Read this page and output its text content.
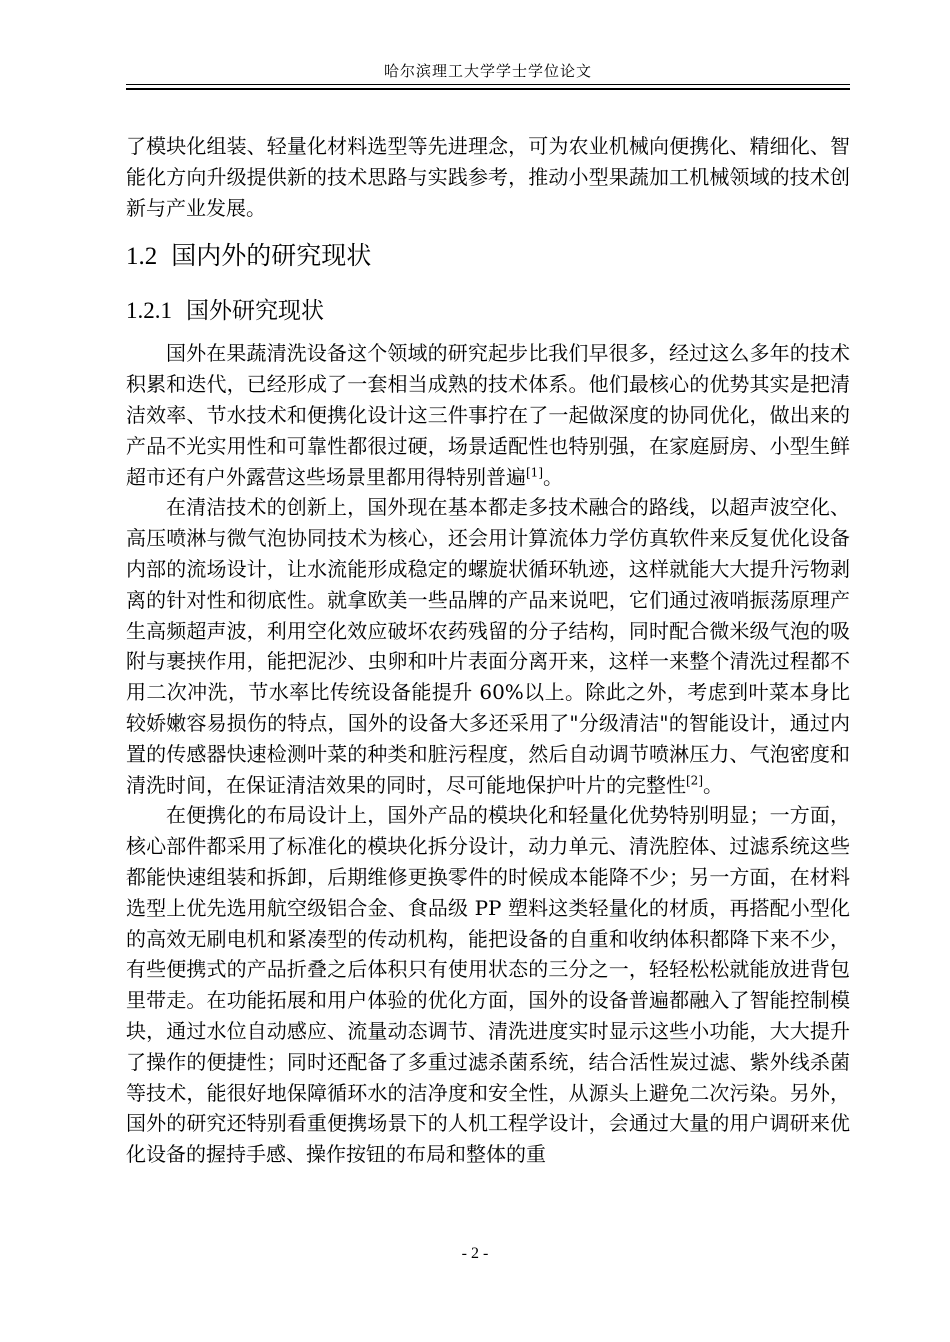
哈尔滨理工大学学士学位论文

了模块化组装、轻量化材料选型等先进理念，可为农业机械向便携化、精细化、智能化方向升级提供新的技术思路与实践参考，推动小型果蔬加工机械领域的技术创新与产业发展。

1.2 国内外的研究现状
1.2.1 国外研究现状

国外在果蔬清洗设备这个领域的研究起步比我们早很多，经过这么多年的技术积累和迭代，已经形成了一套相当成熟的技术体系。他们最核心的优势其实是把清洁效率、节水技术和便携化设计这三件事拧在了一起做深度的协同优化，做出来的产品不光实用性和可靠性都很过硬，场景适配性也特别强，在家庭厨房、小型生鲜超市还有户外露营这些场景里都用得特别普遍[1]。

在清洁技术的创新上，国外现在基本都走多技术融合的路线，以超声波空化、高压喷淋与微气泡协同技术为核心，还会用计算流体力学仿真软件来反复优化设备内部的流场设计，让水流能形成稳定的螺旋状循环轨迹，这样就能大大提升污物剥离的针对性和彻底性。就拿欧美一些品牌的产品来说吧，它们通过液哨振荡原理产生高频超声波，利用空化效应破坏农药残留的分子结构，同时配合微米级气泡的吸附与裹挟作用，能把泥沙、虫卵和叶片表面分离开来，这样一来整个清洗过程都不用二次冲洗，节水率比传统设备能提升 60%以上。除此之外，考虑到叶菜本身比较娇嫩容易损伤的特点，国外的设备大多还采用了"分级清洁"的智能设计，通过内置的传感器快速检测叶菜的种类和脏污程度，然后自动调节喷淋压力、气泡密度和清洗时间，在保证清洁效果的同时，尽可能地保护叶片的完整性[2]。

在便携化的布局设计上，国外产品的模块化和轻量化优势特别明显；一方面，核心部件都采用了标准化的模块化拆分设计，动力单元、清洗腔体、过滤系统这些都能快速组装和拆卸，后期维修更换零件的时候成本能降不少；另一方面，在材料选型上优先选用航空级铝合金、食品级 PP 塑料这类轻量化的材质，再搭配小型化的高效无刷电机和紧凑型的传动机构，能把设备的自重和收纳体积都降下来不少，有些便携式的产品折叠之后体积只有使用状态的三分之一，轻轻松松就能放进背包里带走。在功能拓展和用户体验的优化方面，国外的设备普遍都融入了智能控制模块，通过水位自动感应、流量动态调节、清洗进度实时显示这些小功能，大大提升了操作的便捷性；同时还配备了多重过滤杀菌系统，结合活性炭过滤、紫外线杀菌等技术，能很好地保障循环水的洁净度和安全性，从源头上避免二次污染。另外，国外的研究还特别看重便携场景下的人机工程学设计，会通过大量的用户调研来优化设备的握持手感、操作按钮的布局和整体的重

- 2 -
